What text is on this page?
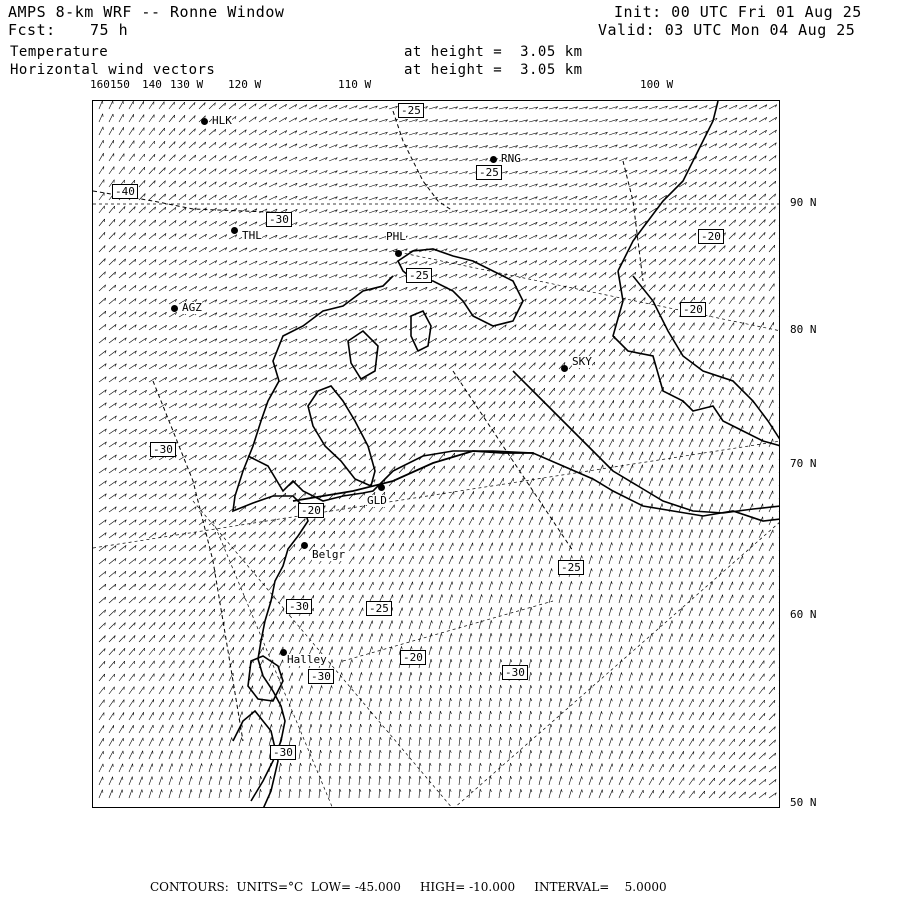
AMPS 8-km WRF -- Ronne Window
Fcst: 75 h
Init: 00 UTC Fri 01 Aug 25
Valid: 03 UTC Mon 04 Aug 25
Temperature
Horizontal wind vectors
at height =  3.05 km
at height =  3.05 km
160 150 140 130 W 120 W	110 W	100 W
90 N
80 N
70 N
60 N
50 N
-25
-40
-30
-25
-20
-25
-20
-30
-20
-25
-25
-20
-30
-30
-30
-30
HLK
RNG
PHL
THL
AGZ
SKY
GLD
Belgr
Halley
CONTOURS:  UNITS=°C  LOW= -45.000     HIGH= -10.000     INTERVAL=    5.0000
